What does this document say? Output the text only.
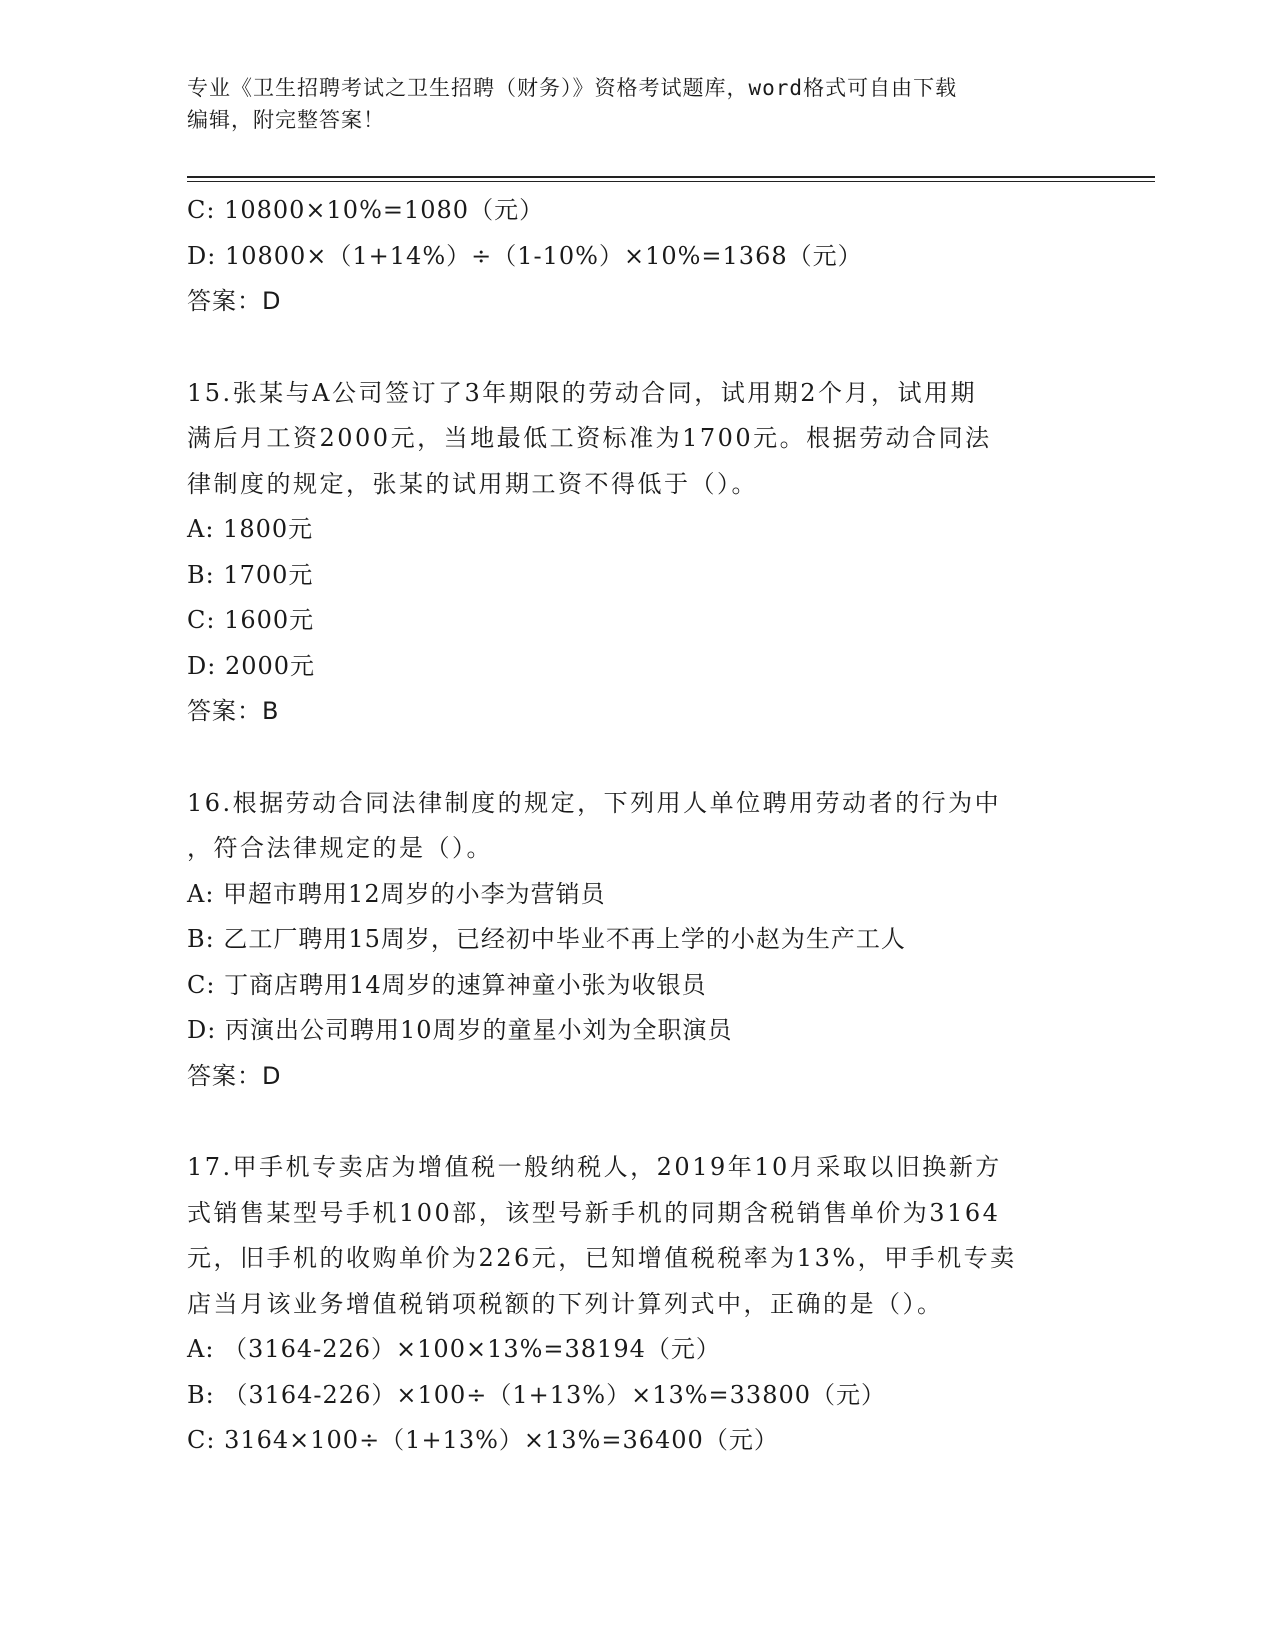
专业《卫生招聘考试之卫生招聘（财务）》资格考试题库，word格式可自由下载
编辑，附完整答案！
C: 10800×10%=1080（元）
D: 10800×（1+14%）÷（1-10%）×10%=1368（元）
答案：D
15.张某与A公司签订了3年期限的劳动合同，试用期2个月，试用期
满后月工资2000元，当地最低工资标准为1700元。根据劳动合同法
律制度的规定，张某的试用期工资不得低于（）。
A: 1800元
B: 1700元
C: 1600元
D: 2000元
答案：B
16.根据劳动合同法律制度的规定，下列用人单位聘用劳动者的行为中
，符合法律规定的是（）。
A: 甲超市聘用12周岁的小李为营销员
B: 乙工厂聘用15周岁，已经初中毕业不再上学的小赵为生产工人
C: 丁商店聘用14周岁的速算神童小张为收银员
D: 丙演出公司聘用10周岁的童星小刘为全职演员
答案：D
17.甲手机专卖店为增值税一般纳税人，2019年10月采取以旧换新方
式销售某型号手机100部，该型号新手机的同期含税销售单价为3164
元，旧手机的收购单价为226元，已知增值税税率为13%，甲手机专卖
店当月该业务增值税销项税额的下列计算列式中，正确的是（）。
A: （3164-226）×100×13%=38194（元）
B: （3164-226）×100÷（1+13%）×13%=33800（元）
C: 3164×100÷（1+13%）×13%=36400（元）
